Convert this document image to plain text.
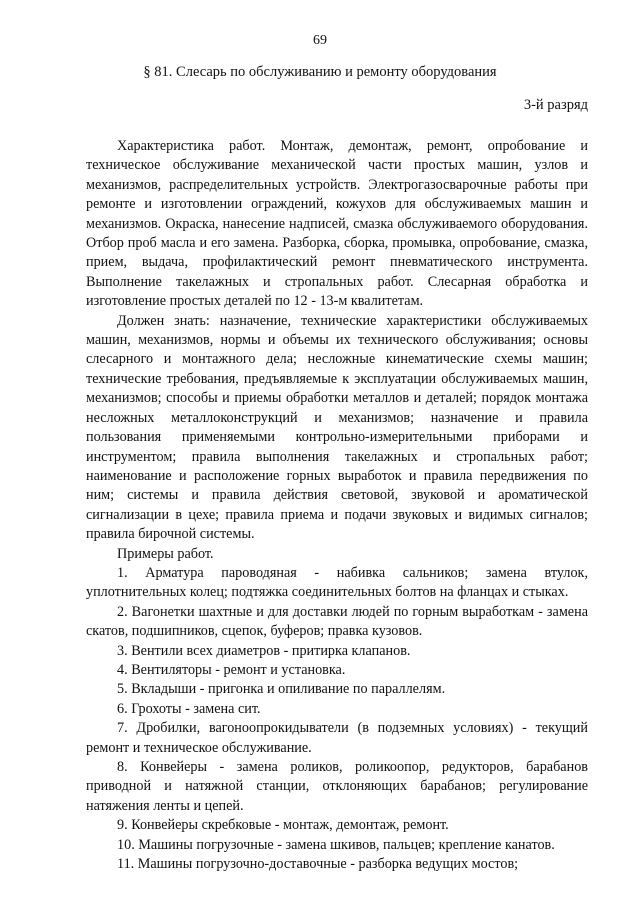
69
§ 81. Слесарь по обслуживанию и ремонту оборудования
3-й разряд

Характеристика работ. Монтаж, демонтаж, ремонт, опробование и техническое обслуживание механической части простых машин, узлов и механизмов, распределительных устройств. Электрогазосварочные работы при ремонте и изготовлении ограждений, кожухов для обслуживаемых машин и механизмов. Окраска, нанесение надписей, смазка обслуживаемого оборудования. Отбор проб масла и его замена. Разборка, сборка, промывка, опробование, смазка, прием, выдача, профилактический ремонт пневматического инструмента. Выполнение такелажных и стропальных работ. Слесарная обработка и изготовление простых деталей по 12 - 13-м квалитетам.

Должен знать: назначение, технические характеристики обслуживаемых машин, механизмов, нормы и объемы их технического обслуживания; основы слесарного и монтажного дела; несложные кинематические схемы машин; технические требования, предъявляемые к эксплуатации обслуживаемых машин, механизмов; способы и приемы обработки металлов и деталей; порядок монтажа несложных металлоконструкций и механизмов; назначение и правила пользования применяемыми контрольно-измерительными приборами и инструментом; правила выполнения такелажных и стропальных работ; наименование и расположение горных выработок и правила передвижения по ним; системы и правила действия световой, звуковой и ароматической сигнализации в цехе; правила приема и подачи звуковых и видимых сигналов; правила бирочной системы.

Примеры работ.

1. Арматура пароводяная - набивка сальников; замена втулок, уплотнительных колец; подтяжка соединительных болтов на фланцах и стыках.

2. Вагонетки шахтные и для доставки людей по горным выработкам - замена скатов, подшипников, сцепок, буферов; правка кузовов.

3. Вентили всех диаметров - притирка клапанов.

4. Вентиляторы - ремонт и установка.

5. Вкладыши - пригонка и опиливание по параллелям.

6. Грохоты - замена сит.

7. Дробилки, вагоноопрокидыватели (в подземных условиях) - текущий ремонт и техническое обслуживание.

8. Конвейеры - замена роликов, роликоопор, редукторов, барабанов приводной и натяжной станции, отклоняющих барабанов; регулирование натяжения ленты и цепей.

9. Конвейеры скребковые - монтаж, демонтаж, ремонт.

10. Машины погрузочные - замена шкивов, пальцев; крепление канатов.

11. Машины погрузочно-доставочные - разборка ведущих мостов;
